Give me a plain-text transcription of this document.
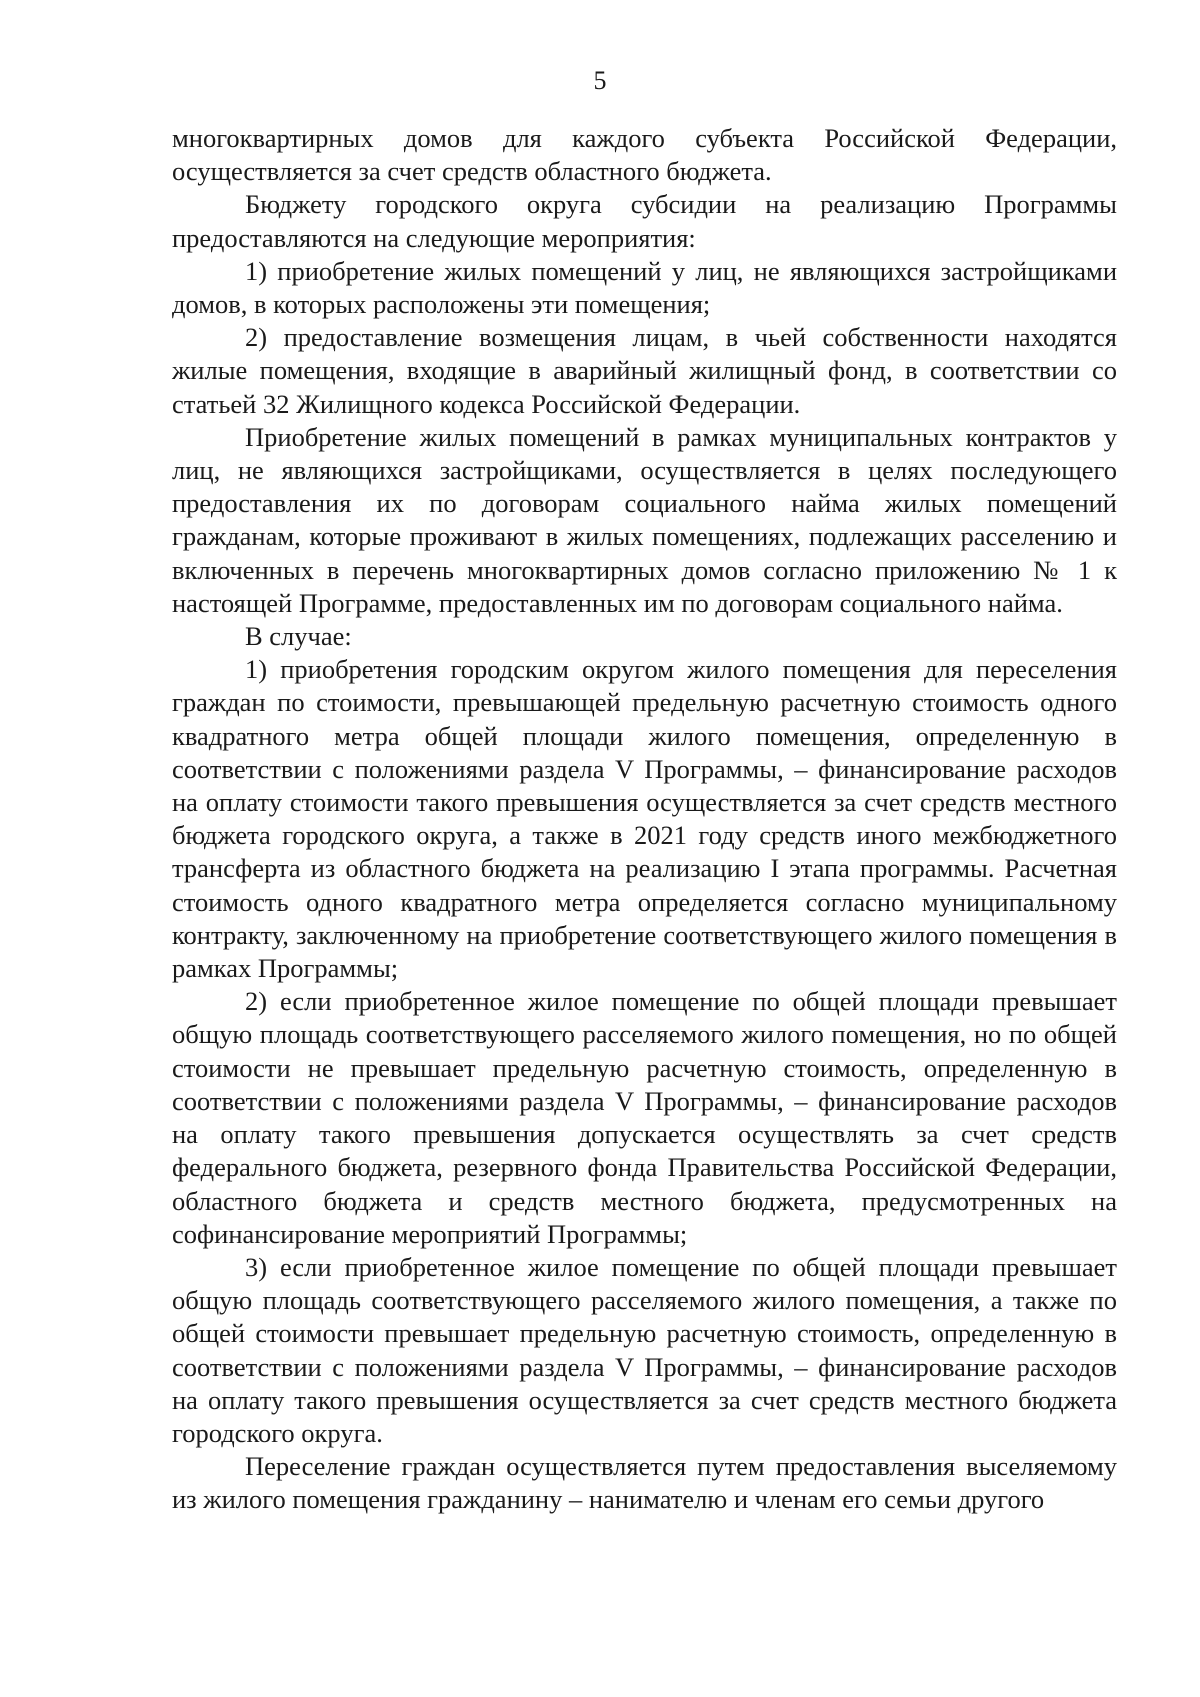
5

многоквартирных домов для каждого субъекта Российской Федерации, осуществляется за счет средств областного бюджета.

Бюджету городского округа субсидии на реализацию Программы предоставляются на следующие мероприятия:

1) приобретение жилых помещений у лиц, не являющихся застройщиками домов, в которых расположены эти помещения;

2) предоставление возмещения лицам, в чьей собственности находятся жилые помещения, входящие в аварийный жилищный фонд, в соответствии со статьей 32 Жилищного кодекса Российской Федерации.

Приобретение жилых помещений в рамках муниципальных контрактов у лиц, не являющихся застройщиками, осуществляется в целях последующего предоставления их по договорам социального найма жилых помещений гражданам, которые проживают в жилых помещениях, подлежащих расселению и включенных в перечень многоквартирных домов согласно приложению № 1 к настоящей Программе, предоставленных им по договорам социального найма.

В случае:

1) приобретения городским округом жилого помещения для переселения граждан по стоимости, превышающей предельную расчетную стоимость одного квадратного метра общей площади жилого помещения, определенную в соответствии с положениями раздела V Программы, – финансирование расходов на оплату стоимости такого превышения осуществляется за счет средств местного бюджета городского округа, а также в 2021 году средств иного межбюджетного трансферта из областного бюджета на реализацию I этапа программы. Расчетная стоимость одного квадратного метра определяется согласно муниципальному контракту, заключенному на приобретение соответствующего жилого помещения в рамках Программы;

2) если приобретенное жилое помещение по общей площади превышает общую площадь соответствующего расселяемого жилого помещения, но по общей стоимости не превышает предельную расчетную стоимость, определенную в соответствии с положениями раздела V Программы, – финансирование расходов на оплату такого превышения допускается осуществлять за счет средств федерального бюджета, резервного фонда Правительства Российской Федерации, областного бюджета и средств местного бюджета, предусмотренных на софинансирование мероприятий Программы;

3) если приобретенное жилое помещение по общей площади превышает общую площадь соответствующего расселяемого жилого помещения, а также по общей стоимости превышает предельную расчетную стоимость, определенную в соответствии с положениями раздела V Программы, – финансирование расходов на оплату такого превышения осуществляется за счет средств местного бюджета городского округа.

Переселение граждан осуществляется путем предоставления выселяемому из жилого помещения гражданину – нанимателю и членам его семьи другого
